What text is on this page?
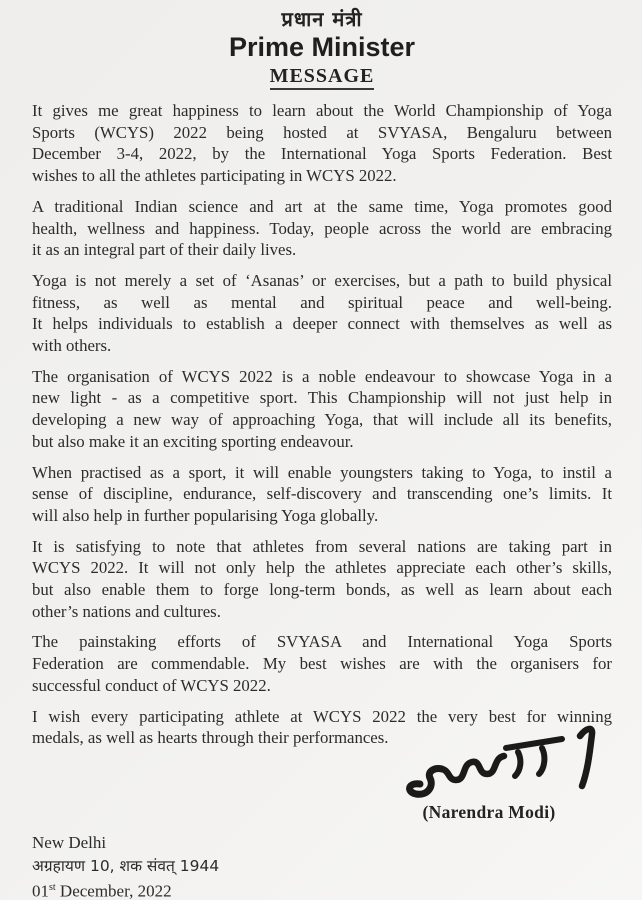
प्रधान मंत्री
Prime Minister
MESSAGE
It gives me great happiness to learn about the World Championship of Yoga
Sports (WCYS) 2022 being hosted at SVYASA, Bengaluru between
December 3-4, 2022, by the International Yoga Sports Federation. Best
wishes to all the athletes participating in WCYS 2022.
A traditional Indian science and art at the same time, Yoga promotes good
health, wellness and happiness. Today, people across the world are embracing
it as an integral part of their daily lives.
Yoga is not merely a set of ‘Asanas’ or exercises, but a path to build physical
fitness, as well as mental and spiritual peace and well-being.
It helps individuals to establish a deeper connect with themselves as well as
with others.
The organisation of WCYS 2022 is a noble endeavour to showcase Yoga in a
new light - as a competitive sport. This Championship will not just help in
developing a new way of approaching Yoga, that will include all its benefits,
but also make it an exciting sporting endeavour.
When practised as a sport, it will enable youngsters taking to Yoga, to instil a
sense of discipline, endurance, self-discovery and transcending one’s limits. It
will also help in further popularising Yoga globally.
It is satisfying to note that athletes from several nations are taking part in
WCYS 2022. It will not only help the athletes appreciate each other’s skills,
but also enable them to forge long-term bonds, as well as learn about each
other’s nations and cultures.
The painstaking efforts of SVYASA and International Yoga Sports
Federation are commendable. My best wishes are with the organisers for
successful conduct of WCYS 2022.
I wish every participating athlete at WCYS 2022 the very best for winning
medals, as well as hearts through their performances.
(Narendra Modi)
New Delhi
अग्रहायण 10, शक संवत् 1944
01st December, 2022
